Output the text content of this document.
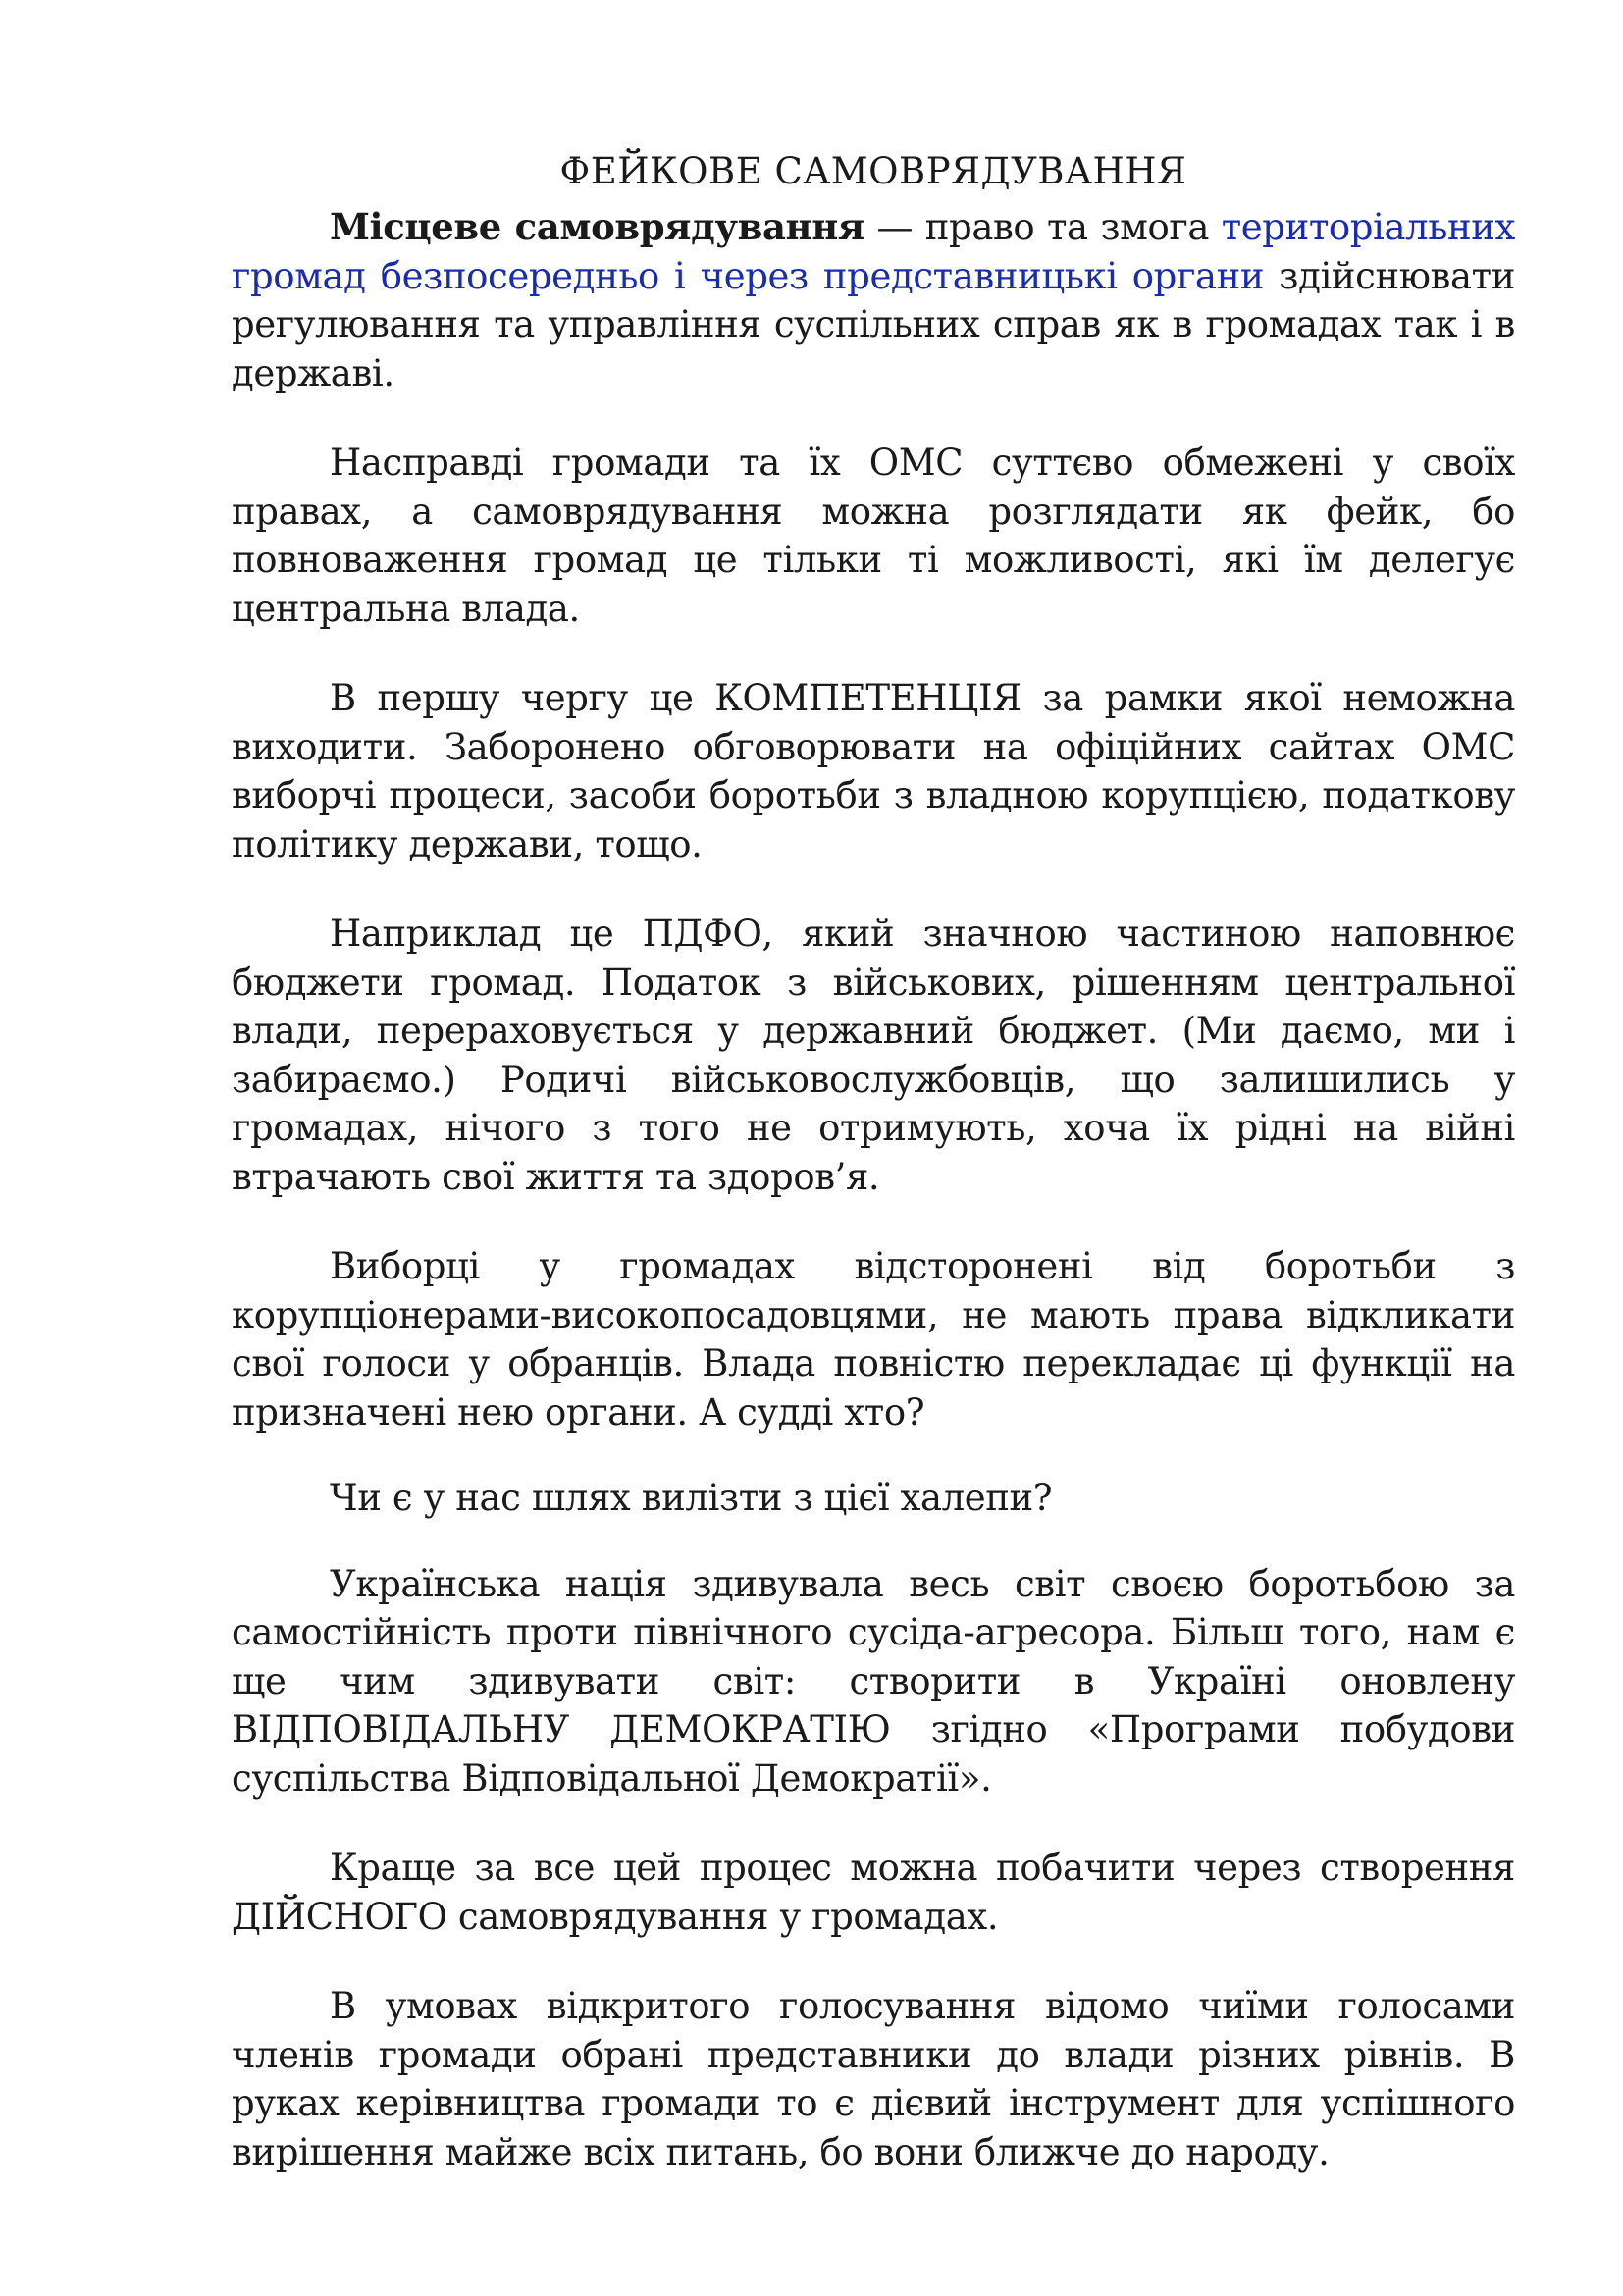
ФЕЙКОВЕ САМОВРЯДУВАННЯ

Місцеве самоврядування — право та змога територіальних громад безпосередньо і через представницькі органи здійснювати регулювання та управління суспільних справ як в громадах так і в державі.

Насправді громади та їх ОМС суттєво обмежені у своїх правах, а самоврядування можна розглядати як фейк, бо повноваження громад це тільки ті можливості, які їм делегує центральна влада.

В першу чергу це КОМПЕТЕНЦІЯ за рамки якої неможна виходити. Заборонено обговорювати на офіційних сайтах ОМС виборчі процеси, засоби боротьби з владною корупцією, податкову політику держави, тощо.

Наприклад це ПДФО, який значною частиною наповнює бюджети громад. Податок з військових, рішенням центральної влади, перераховується у державний бюджет. (Ми даємо, ми і забираємо.) Родичі військовослужбовців, що залишились у громадах, нічого з того не отримують, хоча їх рідні на війні втрачають свої життя та здоров’я.

Виборці у громадах відсторонені від боротьби з корупціонерами-високопосадовцями, не мають права відкликати свої голоси у обранців. Влада повністю перекладає ці функції на призначені нею органи. А судді хто?

Чи є у нас шлях вилізти з цієї халепи?

Українська нація здивувала весь світ своєю боротьбою за самостійність проти північного сусіда-агресора. Більш того, нам є ще чим здивувати світ: створити в Україні оновлену ВІДПОВІДАЛЬНУ ДЕМОКРАТІЮ згідно «Програми побудови суспільства Відповідальної Демократії».

Краще за все цей процес можна побачити через створення ДІЙСНОГО самоврядування у громадах.

В умовах відкритого голосування відомо чиїми голосами членів громади обрані представники до влади різних рівнів. В руках керівництва громади то є дієвий інструмент для успішного вирішення майже всіх питань, бо вони ближче до народу.
